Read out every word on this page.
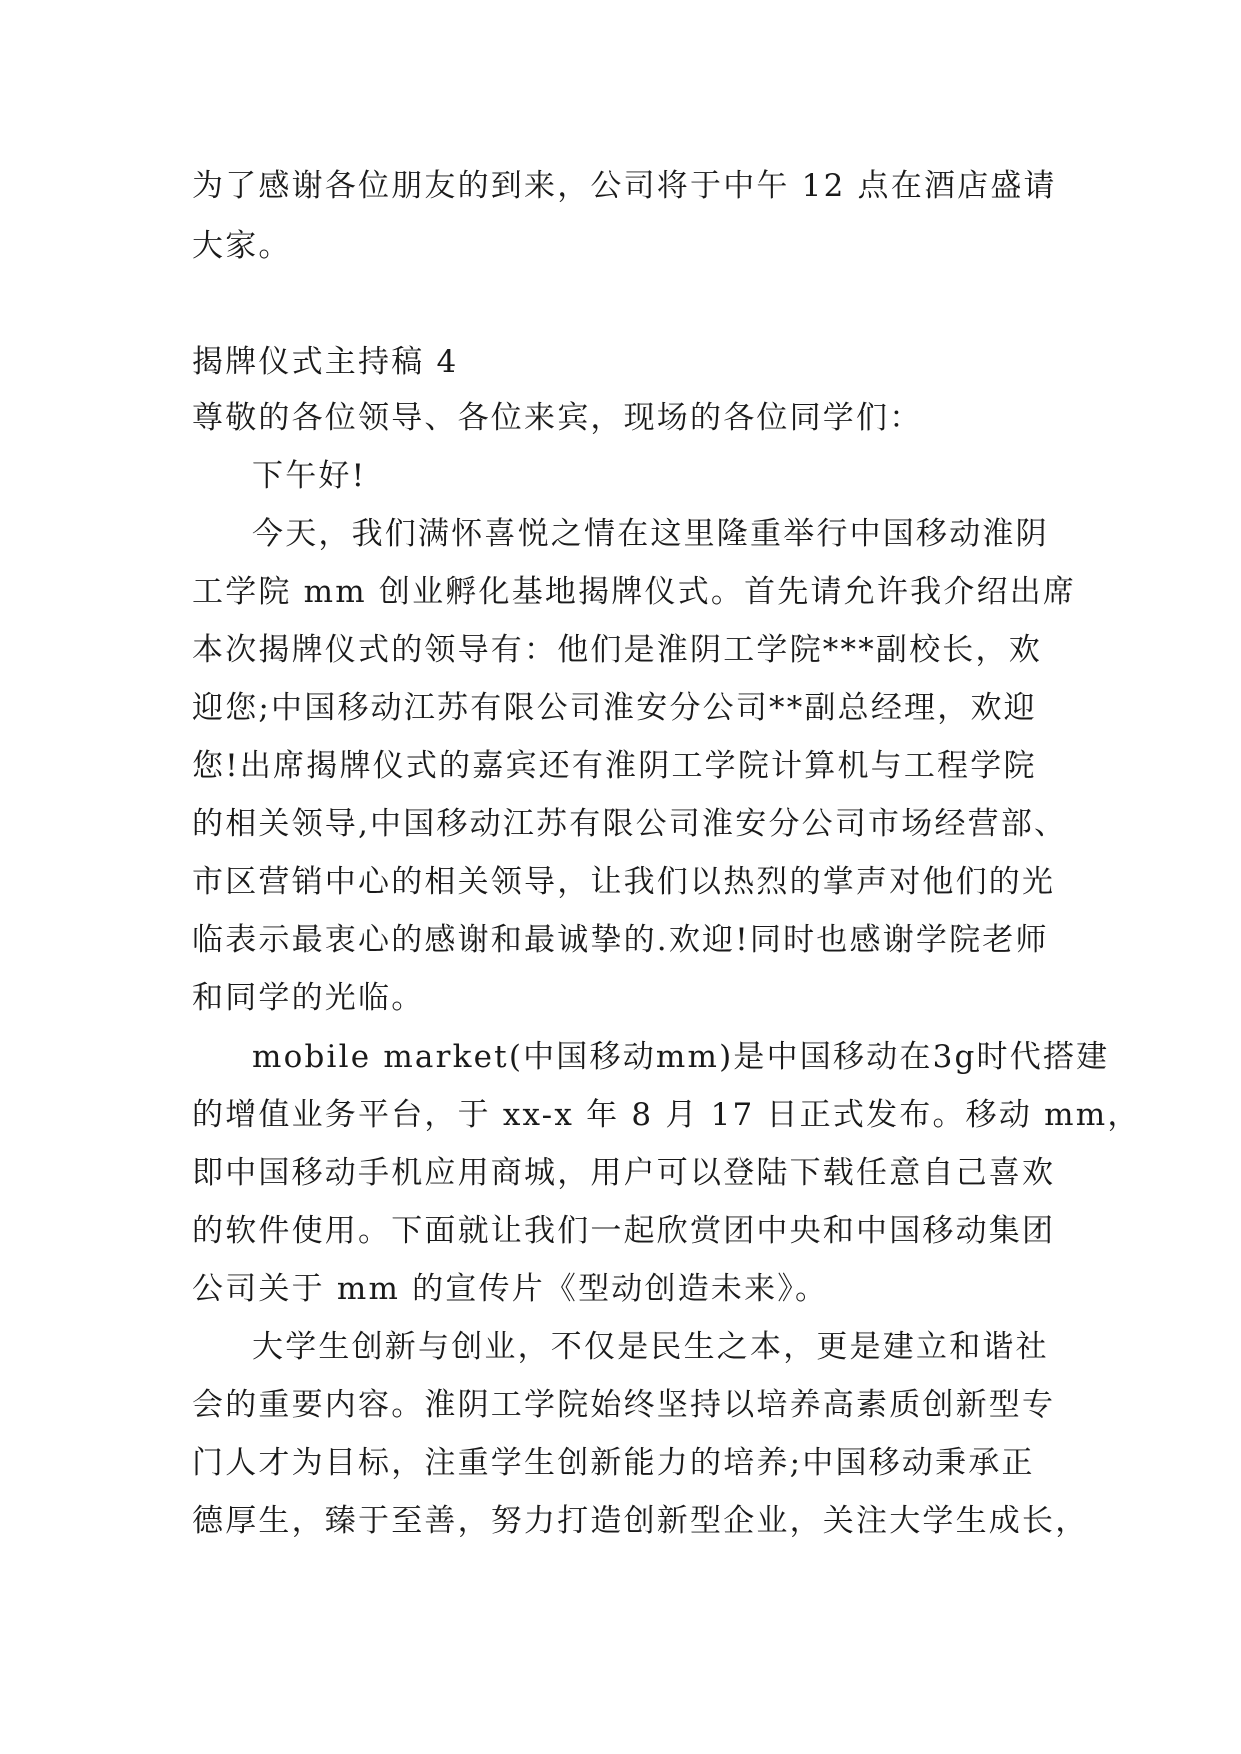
为了感谢各位朋友的到来，公司将于中午 12 点在酒店盛请

大家。

揭牌仪式主持稿 4

尊敬的各位领导、各位来宾，现场的各位同学们：

下午好!

今天，我们满怀喜悦之情在这里隆重举行中国移动淮阴

工学院 mm 创业孵化基地揭牌仪式。首先请允许我介绍出席

本次揭牌仪式的领导有：他们是淮阴工学院***副校长，欢

迎您;中国移动江苏有限公司淮安分公司**副总经理，欢迎

您!出席揭牌仪式的嘉宾还有淮阴工学院计算机与工程学院

的相关领导,中国移动江苏有限公司淮安分公司市场经营部、

市区营销中心的相关领导，让我们以热烈的掌声对他们的光

临表示最衷心的感谢和最诚挚的.欢迎!同时也感谢学院老师

和同学的光临。

mobile market(中国移动mm)是中国移动在3g时代搭建

的增值业务平台，于 xx-x 年 8 月 17 日正式发布。移动 mm，

即中国移动手机应用商城，用户可以登陆下载任意自己喜欢

的软件使用。下面就让我们一起欣赏团中央和中国移动集团

公司关于 mm 的宣传片《型动创造未来》。

大学生创新与创业，不仅是民生之本，更是建立和谐社

会的重要内容。淮阴工学院始终坚持以培养高素质创新型专

门人才为目标，注重学生创新能力的培养;中国移动秉承正

德厚生，臻于至善，努力打造创新型企业，关注大学生成长，
